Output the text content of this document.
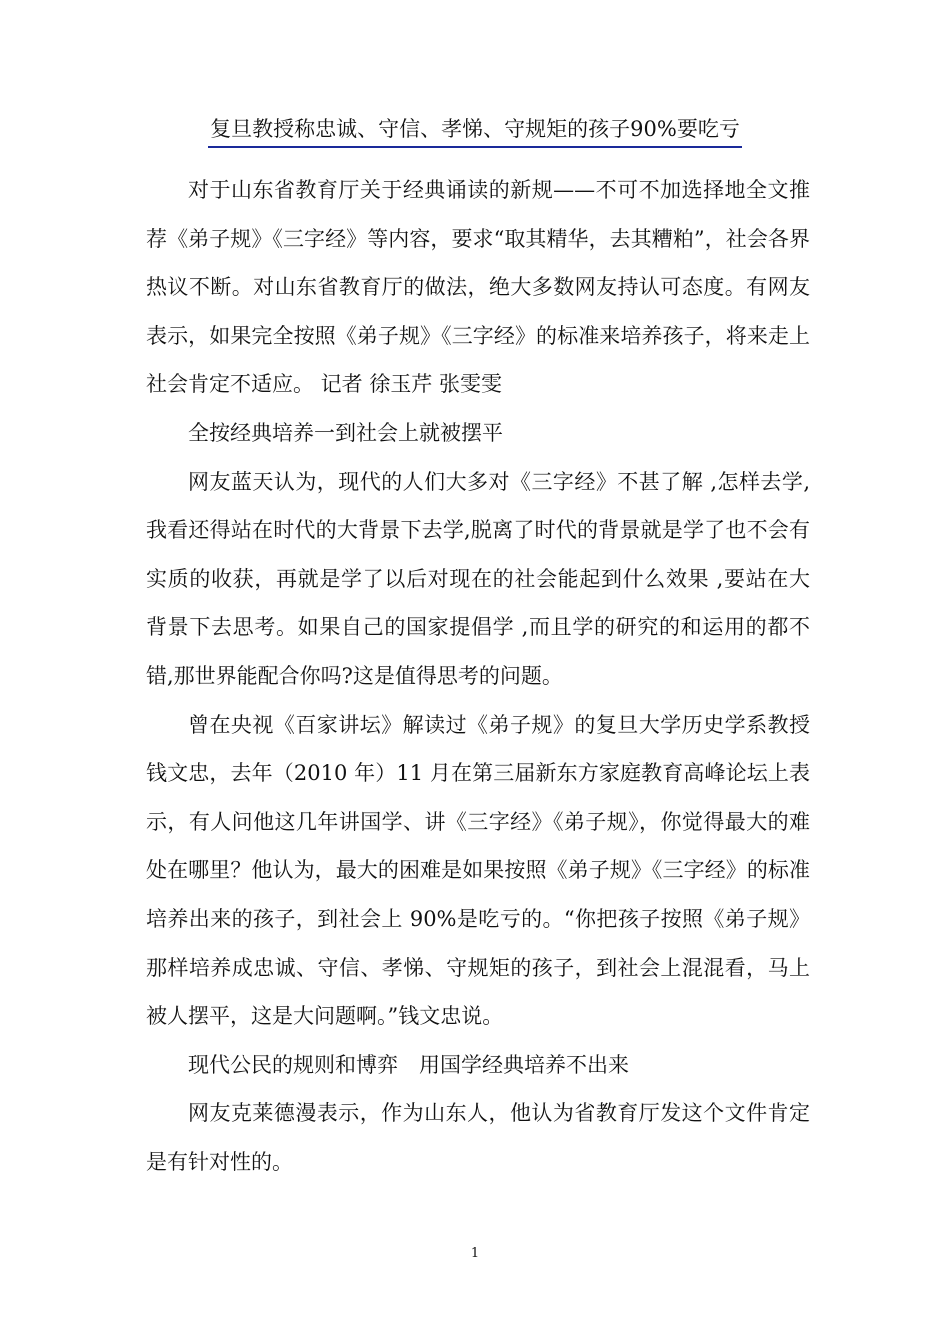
复旦教授称忠诚、守信、孝悌、守规矩的孩子90%要吃亏

对于山东省教育厅关于经典诵读的新规——不可不加选择地全文推荐《弟子规》《三字经》等内容，要求“取其精华，去其糟粕”，社会各界热议不断。对山东省教育厅的做法，绝大多数网友持认可态度。有网友表示，如果完全按照《弟子规》《三字经》的标准来培养孩子，将来走上社会肯定不适应。 记者 徐玉芹 张雯雯

全按经典培养一到社会上就被摆平

网友蓝天认为，现代的人们大多对《三字经》不甚了解 ,怎样去学,我看还得站在时代的大背景下去学,脱离了时代的背景就是学了也不会有实质的收获，再就是学了以后对现在的社会能起到什么效果 ,要站在大背景下去思考。如果自己的国家提倡学 ,而且学的研究的和运用的都不错,那世界能配合你吗?这是值得思考的问题。

曾在央视《百家讲坛》解读过《弟子规》的复旦大学历史学系教授钱文忠，去年（2010 年）11 月在第三届新东方家庭教育高峰论坛上表示，有人问他这几年讲国学、讲《三字经》《弟子规》，你觉得最大的难处在哪里？他认为，最大的困难是如果按照《弟子规》《三字经》的标准培养出来的孩子，到社会上 90%是吃亏的。“你把孩子按照《弟子规》那样培养成忠诚、守信、孝悌、守规矩的孩子，到社会上混混看，马上被人摆平，这是大问题啊。”钱文忠说。

现代公民的规则和博弈　用国学经典培养不出来

网友克莱德漫表示，作为山东人，他认为省教育厅发这个文件肯定是有针对性的。

1
